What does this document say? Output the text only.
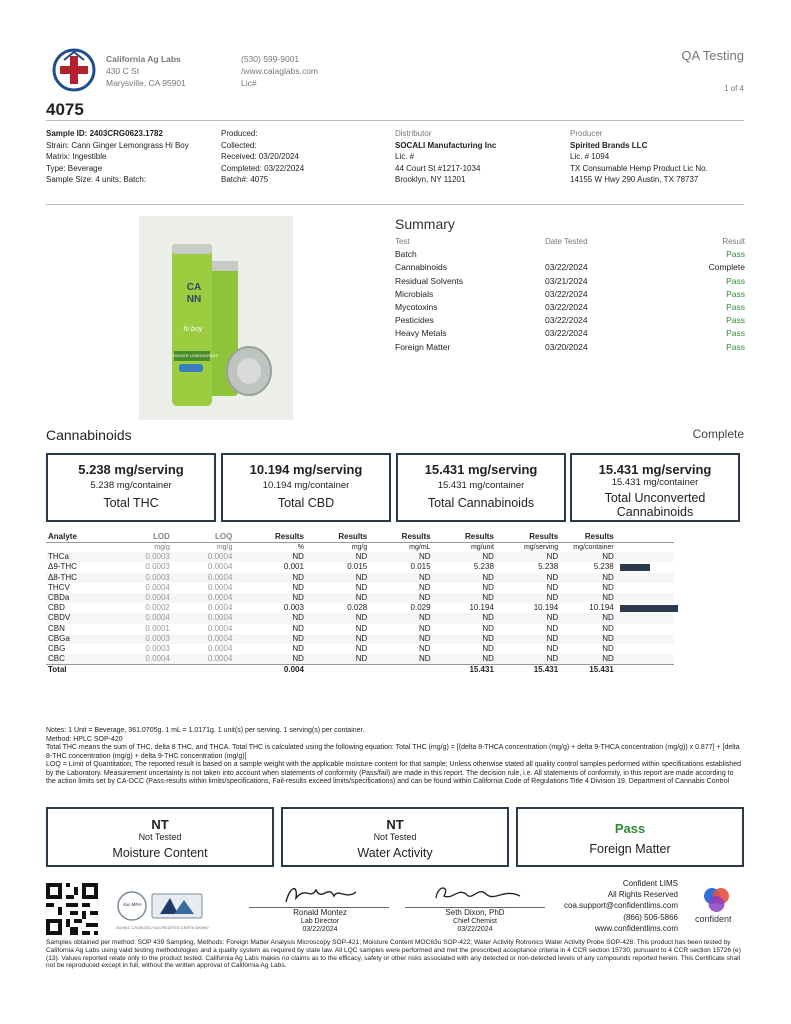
California Ag Labs
430 C St
Marysville, CA 95901
(530) 599-9001
/www.calaglabs.com
Lic#
QA Testing
1 of 4
4075
Sample ID: 2403CRG0623.1782
Strain: Cann Ginger Lemongrass Hi Boy
Matrix: Ingestible
Type: Beverage
Sample Size: 4 units; Batch:
Produced:
Collected:
Received: 03/20/2024
Completed: 03/22/2024
Batch#: 4075
Distributor
SOCALI Manufacturing Inc
Lic. #
44 Court St #1217-1034
Brooklyn, NY 11201
Producer
Spirited Brands LLC
Lic. # 1094
TX Consumable Hemp Product Lic No.
14155 W Hwy 290 Austin, TX 78737
CA NN
hi boy
GINGER LEMONGRASS
Summary
Test	Date Tested	Result
Batch		Pass
Cannabinoids	03/22/2024	Complete
Residual Solvents	03/21/2024	Pass
Microbials	03/22/2024	Pass
Mycotoxins	03/22/2024	Pass
Pesticides	03/22/2024	Pass
Heavy Metals	03/22/2024	Pass
Foreign Matter	03/20/2024	Pass
Cannabinoids	Complete
5.238 mg/serving
5.238 mg/container
Total THC
10.194 mg/serving
10.194 mg/container
Total CBD
15.431 mg/serving
15.431 mg/container
Total Cannabinoids
15.431 mg/serving
15.431 mg/container
Total Unconverted Cannabinoids
Analyte	LOD	LOQ	Results	Results	Results	Results	Results	Results	
	mg/g	mg/g	%	mg/g	mg/mL	mg/unit	mg/serving	mg/container	
THCa	0.0003	0.0004	ND	ND	ND	ND	ND	ND	
Δ9-THC	0.0003	0.0004	0.001	0.015	0.015	5.238	5.238	5.238	

Δ8-THC	0.0003	0.0004	ND	ND	ND	ND	ND	ND	
THCV	0.0004	0.0004	ND	ND	ND	ND	ND	ND	
CBDa	0.0004	0.0004	ND	ND	ND	ND	ND	ND	
CBD	0.0002	0.0004	0.003	0.028	0.029	10.194	10.194	10.194	

CBDV	0.0004	0.0004	ND	ND	ND	ND	ND	ND	
CBN	0.0001	0.0004	ND	ND	ND	ND	ND	ND	
CBGa	0.0003	0.0004	ND	ND	ND	ND	ND	ND	
CBG	0.0003	0.0004	ND	ND	ND	ND	ND	ND	
CBC	0.0004	0.0004	ND	ND	ND	ND	ND	ND	
Total			0.004			15.431	15.431	15.431	
Notes: 1 Unit = Beverage, 361.0705g. 1 mL = 1.0171g. 1 unit(s) per serving. 1 serving(s) per container.
Method: HPLC SOP-420
Total THC means the sum of THC, delta 8 THC, and THCA. Total THC is calculated using the following equation: Total THC (mg/g) = [(delta 8-THCA concentration (mg/g) + delta 9-THCA concentration (mg/g)) x 0.877] + [delta 8-THC concentration (mg/g) + delta 9-THC concentration (mg/g)]
LOQ = Limit of Quantitation; The reported result is based on a sample weight with the applicable moisture content for that sample; Unless otherwise stated all quality control samples performed within specifications established by the Laboratory. Measurement uncertainty is not taken into account when statements of conformity (Pass/fail) are made in this report. The decision rule, i.e. All statements of conformity, in this report are made according to the action limits set by CA-DCC (Pass-results within limits/specifications, Fail-results exceed limits/specifications) and can be found within California Code of Regulations Title 4 Division 19. Department of Cannabis Control
NT
Not Tested
Moisture Content
NT
Not Tested
Water Activity
Pass
Foreign Matter
ilac-MRA
ISO/IEC 17025:2017 ACCREDITED CERT# 000000
Ronald Montez
Lab Director
03/22/2024
Seth Dixon, PhD
Chief Chemist
03/22/2024
Confident LIMS
All Rights Reserved
coa.support@confidentlims.com
(866) 506-5866
www.confidentlims.com
confident
Samples obtained per method: SOP 439 Sampling, Methods: Foreign Matter Analysis Microscopy SOP-421; Moisture Content MOC63u SOP-422; Water Activity Rotronics Water Activity Probe SOP-428. This product has been tested by California Ag Labs using valid testing methodologies and a quality system as required by state law. All LQC samples were performed and met the prescribed acceptance criteria in 4 CCR section 15730, pursuant to 4 CCR section 15726 (e)(13). Values reported relate only to the product tested. California Ag Labs makes no claims as to the efficacy, safety or other risks associated with any detected or non-detected levels of any compounds reported herein. This Certificate shall not be reproduced except in full, without the written approval of California Ag Labs.
